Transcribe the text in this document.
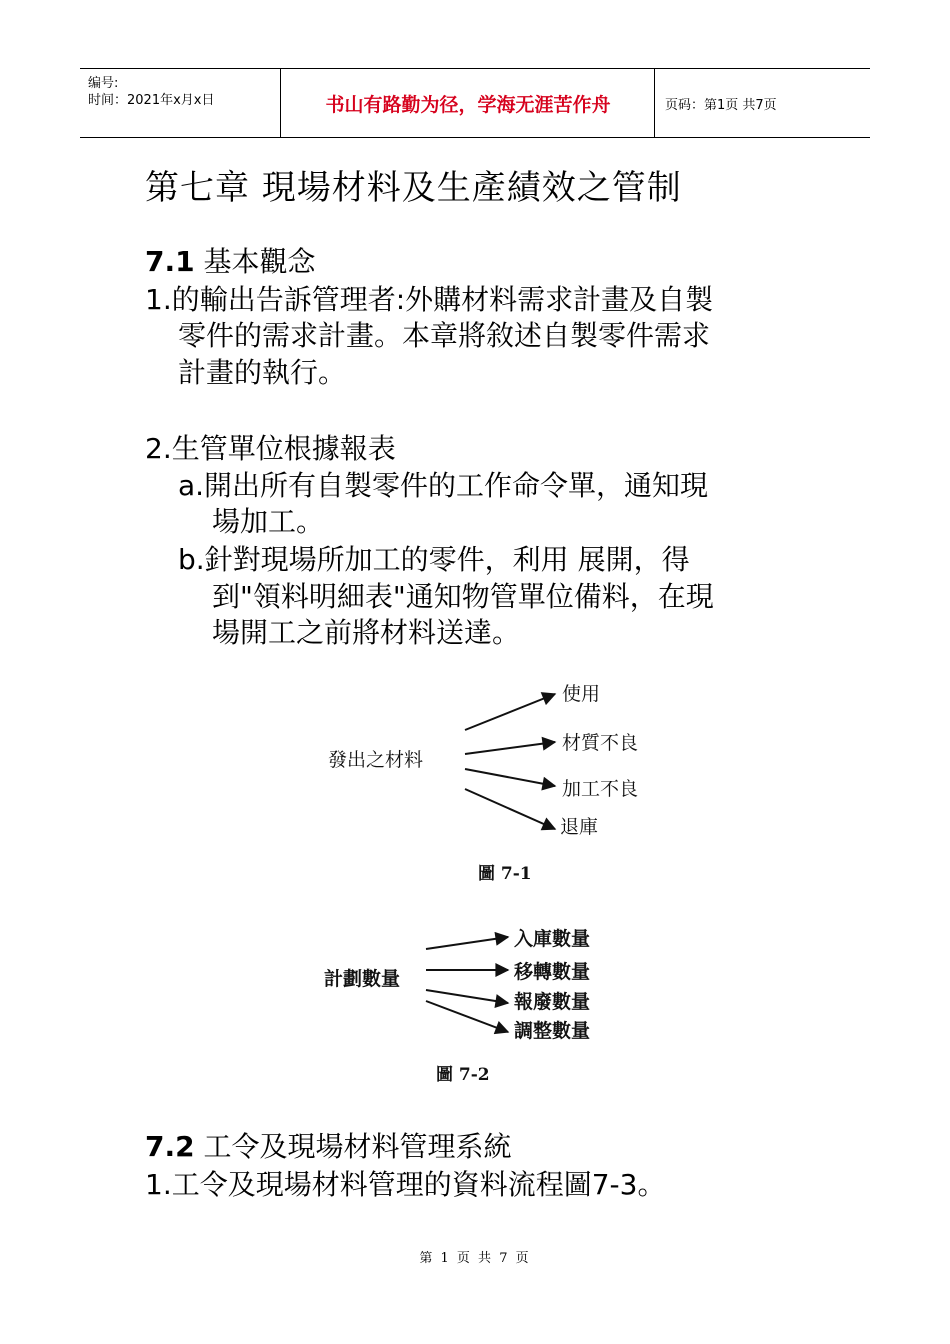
编号:
时间：2021年x月x日	书山有路勤为径，学海无涯苦作舟	页码：第1页 共7页
第七章 現場材料及生產績效之管制
7.1 基本觀念
1.的輸出告訴管理者:外購材料需求計畫及自製
零件的需求計畫。本章將敘述自製零件需求
計畫的執行。
2.生管單位根據報表
a.開出所有自製零件的工作命令單，通知現
場加工。
b.針對現場所加工的零件，利用 展開，得
到"領料明細表"通知物管單位備料，在現
場開工之前將材料送達。
發出之材料
使用
材質不良
加工不良
退庫
圖 7-1
計劃數量
入庫數量
移轉數量
報廢數量
調整數量
圖 7-2
7.2 工令及現場材料管理系統
1.工令及現場材料管理的資料流程圖7-3。
第 1 页 共 7 页
